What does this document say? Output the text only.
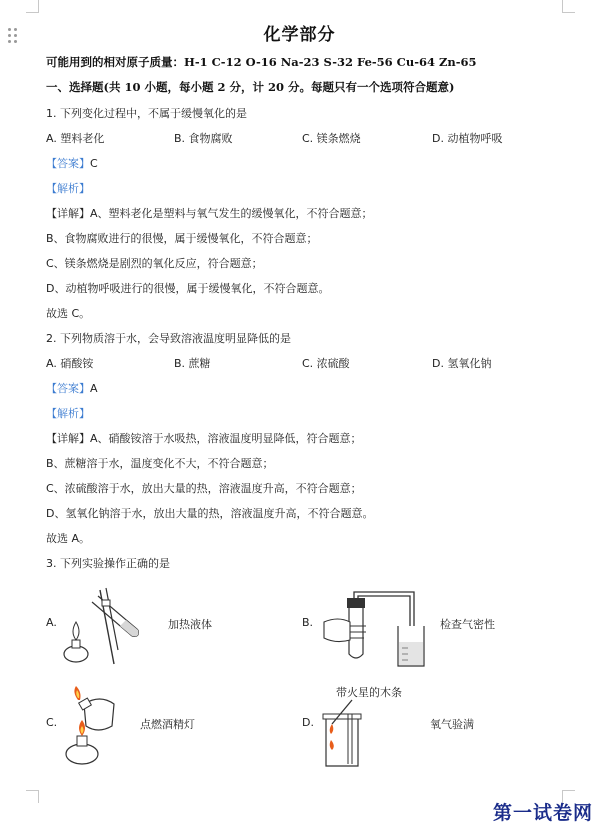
化学部分
可能用到的相对原子质量：H-1 C-12 O-16 Na-23 S-32 Fe-56 Cu-64 Zn-65
一、选择题(共 10 小题，每小题 2 分，计 20 分。每题只有一个选项符合题意)
1. 下列变化过程中，不属于缓慢氧化的是
A. 塑料老化	B. 食物腐败	C. 镁条燃烧	D. 动植物呼吸
【答案】C
【解析】
【详解】A、塑料老化是塑料与氧气发生的缓慢氧化，不符合题意；
B、食物腐败进行的很慢，属于缓慢氧化，不符合题意；
C、镁条燃烧是剧烈的氧化反应，符合题意；
D、动植物呼吸进行的很慢，属于缓慢氧化，不符合题意。
故选 C。
2. 下列物质溶于水，会导致溶液温度明显降低的是
A. 硝酸铵	B. 蔗糖	C. 浓硫酸	D. 氢氧化钠
【答案】A
【解析】
【详解】A、硝酸铵溶于水吸热，溶液温度明显降低，符合题意；
B、蔗糖溶于水，温度变化不大，不符合题意；
C、浓硫酸溶于水，放出大量的热，溶液温度升高，不符合题意；
D、氢氧化钠溶于水，放出大量的热，溶液温度升高，不符合题意。
故选 A。
3. 下列实验操作正确的是
A.	加热液体	B.	检查气密性
C.	点燃酒精灯	D.
带火星的木条
氧气验满
第一试卷网
